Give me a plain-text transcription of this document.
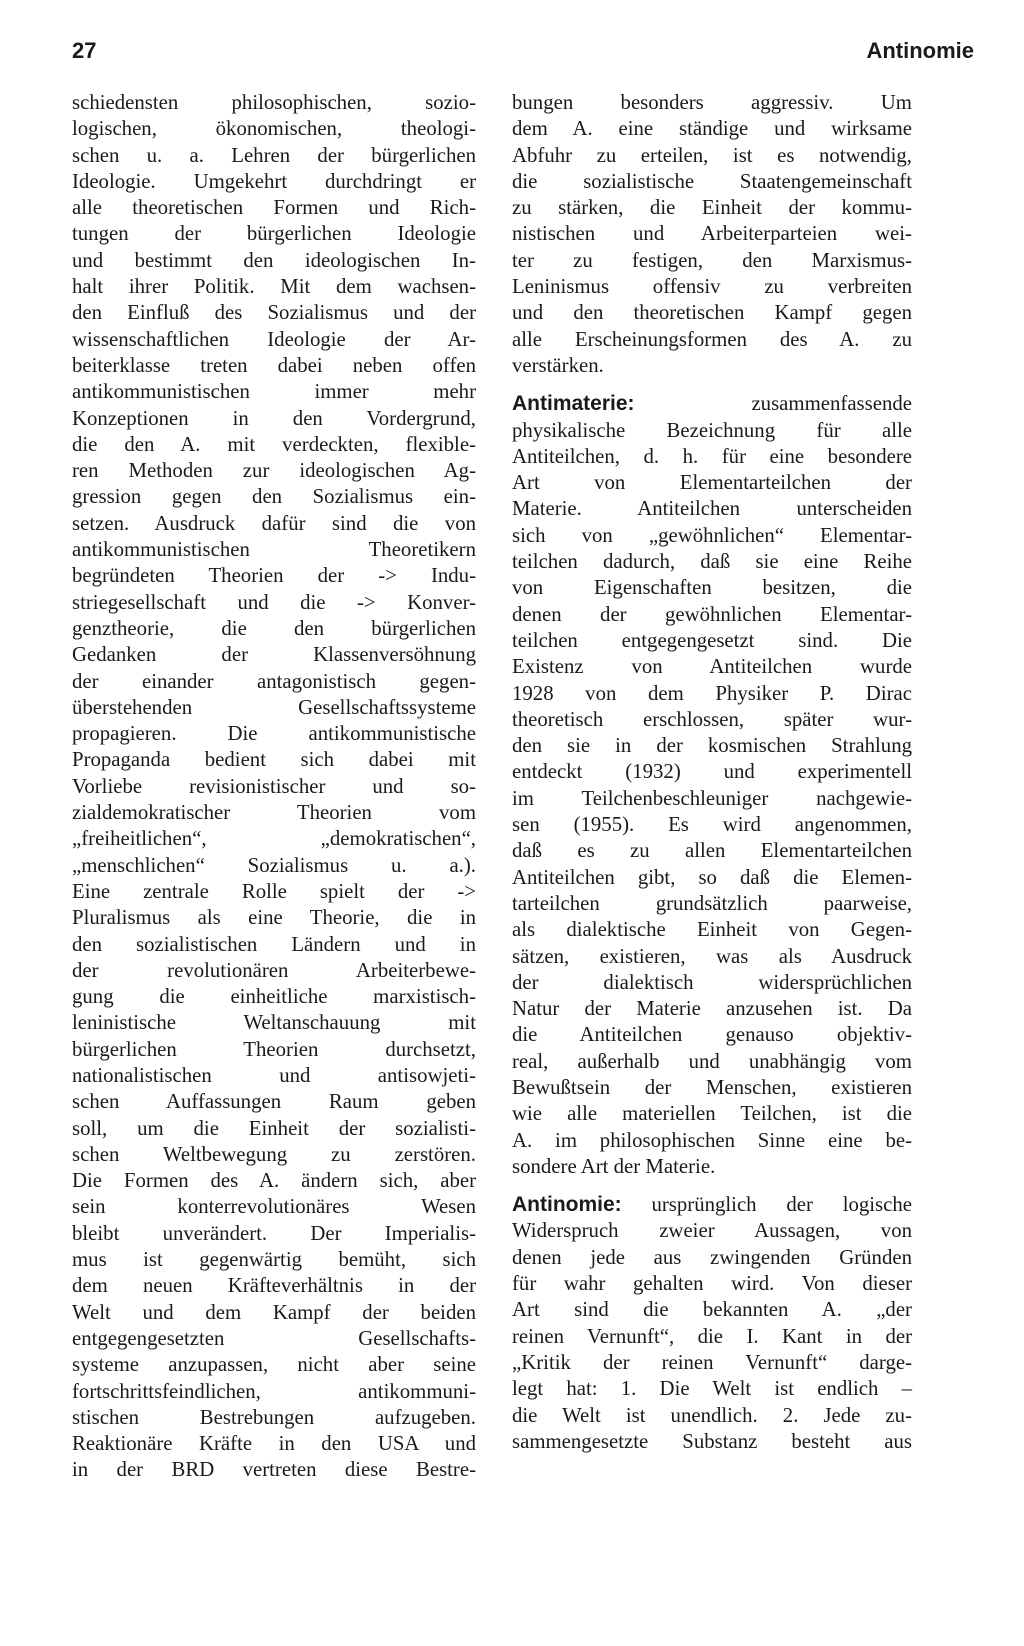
27	Antinomie
schiedensten philosophischen, sozio-
logischen, ökonomischen, theologi-
schen u. a. Lehren der bürgerlichen
Ideologie. Umgekehrt durchdringt er
alle theoretischen Formen und Rich-
tungen der bürgerlichen Ideologie
und bestimmt den ideologischen In-
halt ihrer Politik. Mit dem wachsen-
den Einfluß des Sozialismus und der
wissenschaftlichen Ideologie der Ar-
beiterklasse treten dabei neben offen
antikommunistischen immer mehr
Konzeptionen in den Vordergrund,
die den A. mit verdeckten, flexible-
ren Methoden zur ideologischen Ag-
gression gegen den Sozialismus ein-
setzen. Ausdruck dafür sind die von
antikommunistischen Theoretikern
begründeten Theorien der -> Indu-
striegesellschaft und die -> Konver-
genztheorie, die den bürgerlichen
Gedanken der Klassenversöhnung
der einander antagonistisch gegen-
überstehenden Gesellschaftssysteme
propagieren. Die antikommunistische
Propaganda bedient sich dabei mit
Vorliebe revisionistischer und so-
zialdemokratischer Theorien vom
„freiheitlichen“, „demokratischen“,
„menschlichen“ Sozialismus u. a.).
Eine zentrale Rolle spielt der ->
Pluralismus als eine Theorie, die in
den sozialistischen Ländern und in
der revolutionären Arbeiterbewe-
gung die einheitliche marxistisch-
leninistische Weltanschauung mit
bürgerlichen Theorien durchsetzt,
nationalistischen und antisowjeti-
schen Auffassungen Raum geben
soll, um die Einheit der sozialisti-
schen Weltbewegung zu zerstören.
Die Formen des A. ändern sich, aber
sein konterrevolutionäres Wesen
bleibt unverändert. Der Imperialis-
mus ist gegenwärtig bemüht, sich
dem neuen Kräfteverhältnis in der
Welt und dem Kampf der beiden
entgegengesetzten Gesellschafts-
systeme anzupassen, nicht aber seine
fortschrittsfeindlichen, antikommuni-
stischen Bestrebungen aufzugeben.
Reaktionäre Kräfte in den USA und
in der BRD vertreten diese Bestre-
bungen besonders aggressiv. Um
dem A. eine ständige und wirksame
Abfuhr zu erteilen, ist es notwendig,
die sozialistische Staatengemeinschaft
zu stärken, die Einheit der kommu-
nistischen und Arbeiterparteien wei-
ter zu festigen, den Marxismus-
Leninismus offensiv zu verbreiten
und den theoretischen Kampf gegen
alle Erscheinungsformen des A. zu
verstärken.
Antimaterie:	zusammenfassende
physikalische Bezeichnung für alle
Antiteilchen, d. h. für eine besondere
Art von Elementarteilchen der
Materie. Antiteilchen unterscheiden
sich von „gewöhnlichen“ Elementar-
teilchen dadurch, daß sie eine Reihe
von Eigenschaften besitzen, die
denen der gewöhnlichen Elementar-
teilchen entgegengesetzt sind. Die
Existenz von Antiteilchen wurde
1928 von dem Physiker P. Dirac
theoretisch erschlossen, später wur-
den sie in der kosmischen Strahlung
entdeckt (1932) und experimentell
im Teilchenbeschleuniger nachgewie-
sen (1955). Es wird angenommen,
daß es zu allen Elementarteilchen
Antiteilchen gibt, so daß die Elemen-
tarteilchen grundsätzlich paarweise,
als dialektische Einheit von Gegen-
sätzen, existieren, was als Ausdruck
der dialektisch widersprüchlichen
Natur der Materie anzusehen ist. Da
die Antiteilchen genauso objektiv-
real, außerhalb und unabhängig vom
Bewußtsein der Menschen, existieren
wie alle materiellen Teilchen, ist die
A. im philosophischen Sinne eine be-
sondere Art der Materie.
Antinomie: ursprünglich der logische
Widerspruch zweier Aussagen, von
denen jede aus zwingenden Gründen
für wahr gehalten wird. Von dieser
Art sind die bekannten A. „der
reinen Vernunft“, die I. Kant in der
„Kritik der reinen Vernunft“ darge-
legt hat: 1. Die Welt ist endlich –
die Welt ist unendlich. 2. Jede zu-
sammengesetzte Substanz besteht aus
